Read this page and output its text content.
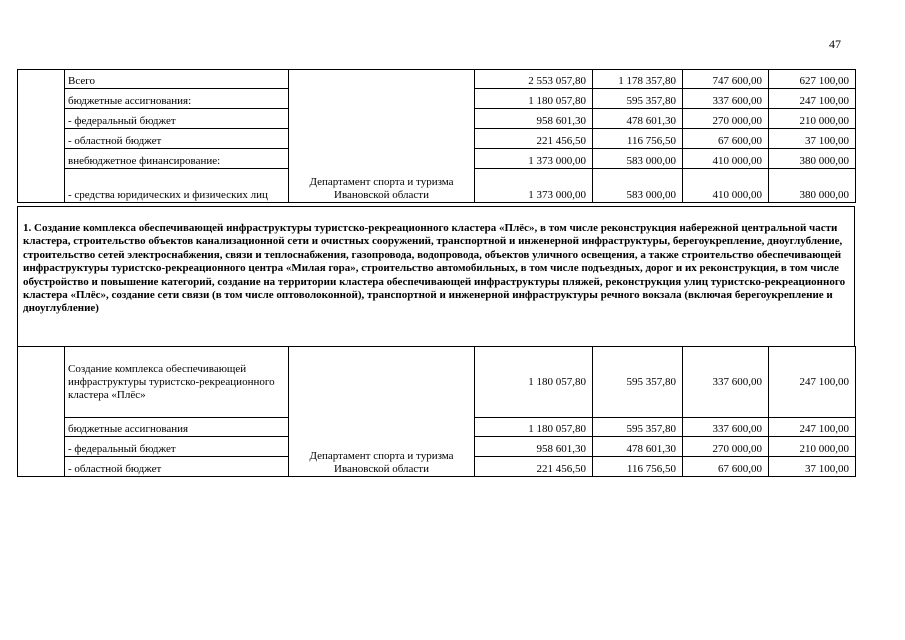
47
	Всего	Департамент спорта и туризма Ивановской области	2 553 057,80	1 178 357,80	747 600,00	627 100,00
	бюджетные ассигнования:		1 180 057,80	595 357,80	337 600,00	247 100,00
	- федеральный бюджет		958 601,30	478 601,30	270 000,00	210 000,00
	- областной бюджет		221 456,50	116 756,50	67 600,00	37 100,00
	внебюджетное финансирование:		1 373 000,00	583 000,00	410 000,00	380 000,00
	- средства юридических и физических лиц		1 373 000,00	583 000,00	410 000,00	380 000,00
1. Создание комплекса обеспечивающей инфраструктуры туристско-рекреационного кластера «Плёс», в том числе реконструкция набережной центральной части кластера, строительство объектов канализационной сети и очистных сооружений, транспортной и инженерной инфраструктуры, берегоукрепление, дноуглубление, строительство сетей электроснабжения, связи и теплоснабжения, газопровода, водопровода, объектов уличного освещения, а также строительство обеспечивающей инфраструктуры туристско-рекреационного центра «Милая гора», строительство автомобильных, в том числе подъездных, дорог и их реконструкция, в том числе обустройство и повышение категорий, создание на территории кластера обеспечивающей инфраструктуры пляжей, реконструкция улиц туристско-рекреационного кластера «Плёс», создание сети связи (в том числе оптоволоконной), транспортной и инженерной инфраструктуры речного вокзала (включая берегоукрепление и дноуглубление)
	Создание комплекса обеспечивающей инфраструктуры туристско-рекреационного кластера «Плёс»	Департамент спорта и туризма Ивановской области	1 180 057,80	595 357,80	337 600,00	247 100,00
	бюджетные ассигнования		1 180 057,80	595 357,80	337 600,00	247 100,00
	- федеральный бюджет		958 601,30	478 601,30	270 000,00	210 000,00
	- областной бюджет		221 456,50	116 756,50	67 600,00	37 100,00
